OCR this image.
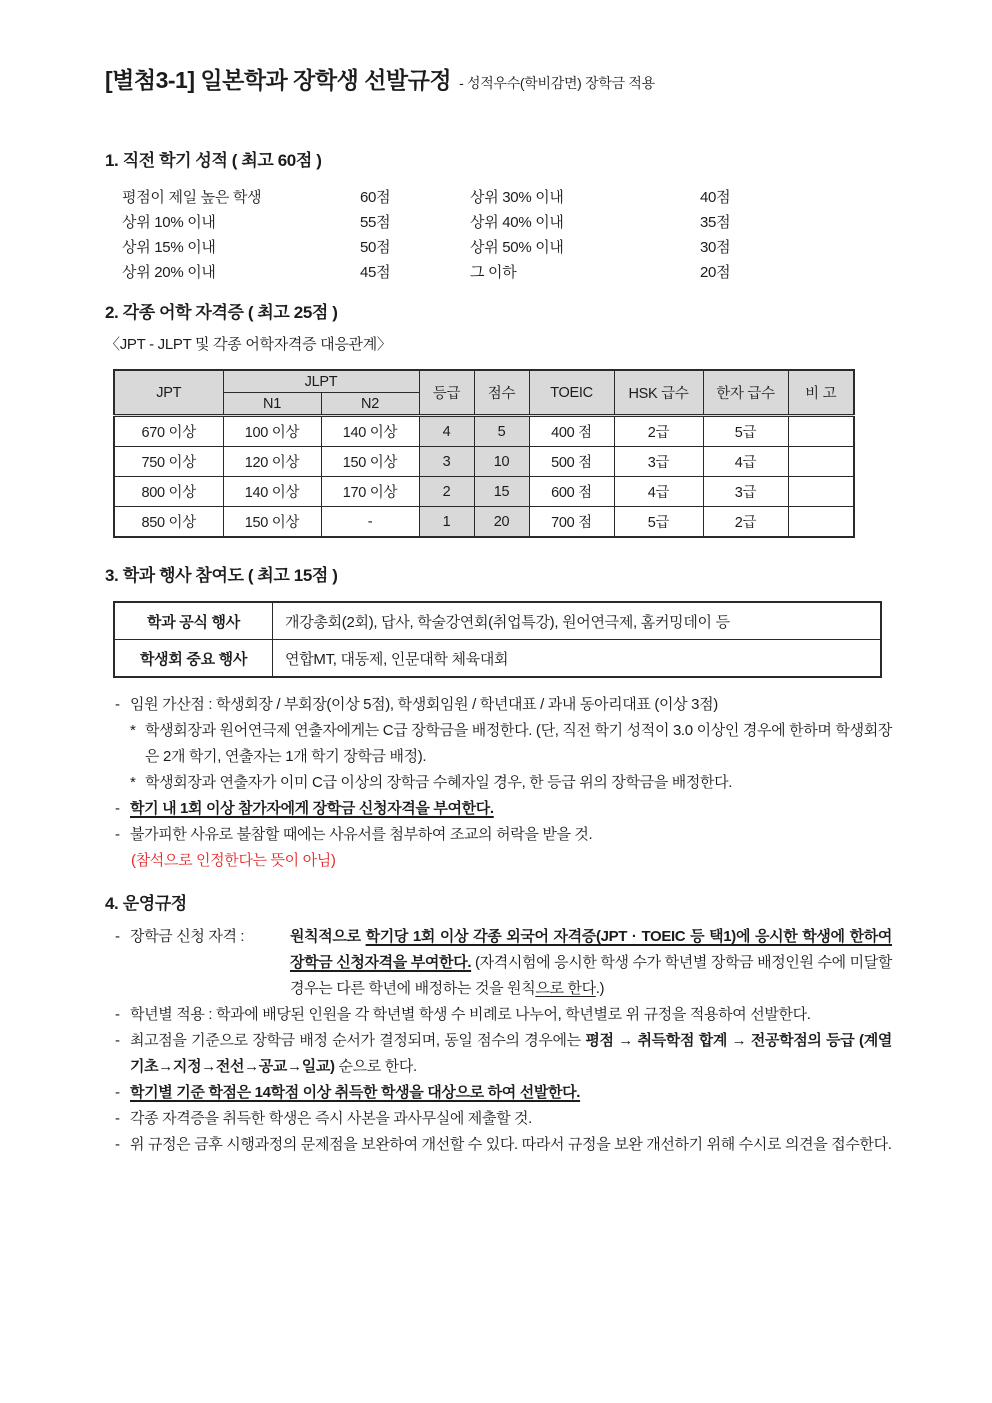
[별첨3-1] 일본학과 장학생 선발규정 - 성적우수(학비감면) 장학금 적용
1. 직전 학기 성적 ( 최고 60점 )
평점이 제일 높은 학생	60점	상위 30% 이내	40점
상위 10% 이내	55점	상위 40% 이내	35점
상위 15% 이내	50점	상위 50% 이내	30점
상위 20% 이내	45점	그 이하	20점
2. 각종 어학 자격증 ( 최고 25점 )
〈JPT - JLPT 및 각종 어학자격증 대응관계〉
JPT	JLPT		등급	점수	TOEIC	HSK 급수	한자 급수	비 고
	N1	N2						
670 이상	100 이상	140 이상	4	5	400 점	2급	5급	
750 이상	120 이상	150 이상	3	10	500 점	3급	4급	
800 이상	140 이상	170 이상	2	15	600 점	4급	3급	
850 이상	150 이상	-	1	20	700 점	5급	2급	
3. 학과 행사 참여도 ( 최고 15점 )
학과 공식 행사	개강총회(2회), 답사, 학술강연회(취업특강), 원어연극제, 홈커밍데이 등
학생회 중요 행사	연합MT, 대동제, 인문대학 체육대회
- 임원 가산점 : 학생회장 / 부회장(이상 5점), 학생회임원 / 학년대표 / 과내 동아리대표 (이상 3점)
* 학생회장과 원어연극제 연출자에게는 C급 장학금을 배정한다. (단, 직전 학기 성적이 3.0 이상인 경우에 한하며 학생회장은 2개 학기, 연출자는 1개 학기 장학금 배정).
* 학생회장과 연출자가 이미 C급 이상의 장학금 수혜자일 경우, 한 등급 위의 장학금을 배정한다.
- 학기 내 1회 이상 참가자에게 장학금 신청자격을 부여한다.
- 불가피한 사유로 불참할 때에는 사유서를 첨부하여 조교의 허락을 받을 것.
(참석으로 인정한다는 뜻이 아님)
4. 운영규정
- 장학금 신청 자격 :	원칙적으로 학기당 1회 이상 각종 외국어 자격증(JPT · TOEIC 등 택1)에 응시한 학생에 한하여 장학금 신청자격을 부여한다. (자격시험에 응시한 학생 수가 학년별 장학금 배정인원 수에 미달할 경우는 다른 학년에 배정하는 것을 원칙으로 한다.)
- 학년별 적용 : 학과에 배당된 인원을 각 학년별 학생 수 비례로 나누어, 학년별로 위 규정을 적용하여 선발한다.
- 최고점을 기준으로 장학금 배정 순서가 결정되며, 동일 점수의 경우에는 평점 → 취득학점 합계 → 전공학점의 등급 (계열기초→지정→전선→공교→일교) 순으로 한다.
- 학기별 기준 학점은 14학점 이상 취득한 학생을 대상으로 하여 선발한다.
- 각종 자격증을 취득한 학생은 즉시 사본을 과사무실에 제출할 것.
- 위 규정은 금후 시행과정의 문제점을 보완하여 개선할 수 있다. 따라서 규정을 보완 개선하기 위해 수시로 의견을 접수한다.
